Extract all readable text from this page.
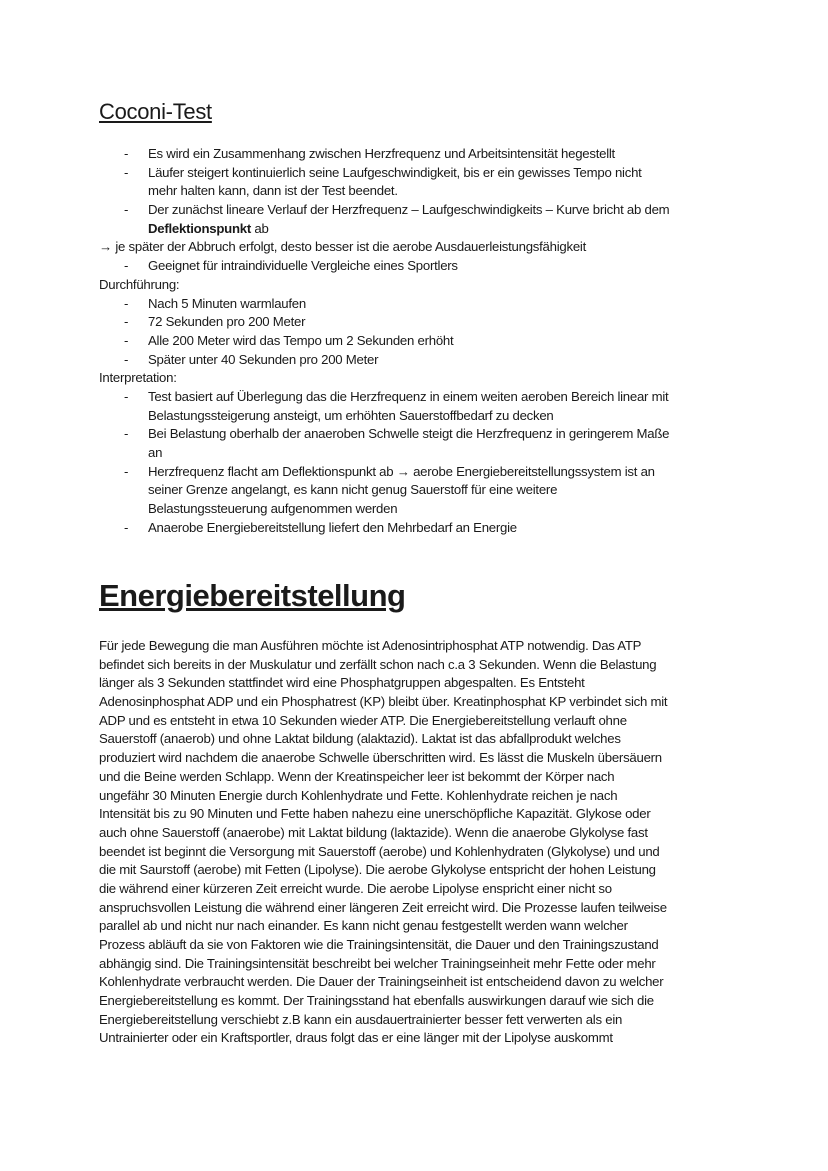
Coconi-Test
- Es wird ein Zusammenhang zwischen Herzfrequenz und Arbeitsintensität hegestellt
- Läufer steigert kontinuierlich seine Laufgeschwindigkeit, bis er ein gewisses Tempo nicht
mehr halten kann, dann ist der Test beendet.
- Der zunächst lineare Verlauf der Herzfrequenz – Laufgeschwindigkeits – Kurve bricht ab dem
Deflektionspunkt ab
→ je später der Abbruch erfolgt, desto besser ist die aerobe Ausdauerleistungsfähigkeit
- Geeignet für intraindividuelle Vergleiche eines Sportlers
Durchführung:
- Nach 5 Minuten warmlaufen
- 72 Sekunden pro 200 Meter
- Alle 200 Meter wird das Tempo um 2 Sekunden erhöht
- Später unter 40 Sekunden pro 200 Meter
Interpretation:
- Test basiert auf Überlegung das die Herzfrequenz in einem weiten aeroben Bereich linear mit
Belastungssteigerung ansteigt, um erhöhten Sauerstoffbedarf zu decken
- Bei Belastung oberhalb der anaeroben Schwelle steigt die Herzfrequenz in geringerem Maße
an
- Herzfrequenz flacht am Deflektionspunkt ab → aerobe Energiebereitstellungssystem ist an
seiner Grenze angelangt, es kann nicht genug Sauerstoff für eine weitere
Belastungssteuerung aufgenommen werden
- Anaerobe Energiebereitstellung liefert den Mehrbedarf an Energie
Energiebereitstellung
Für jede Bewegung die man Ausführen möchte ist Adenosintriphosphat ATP notwendig. Das ATP
befindet sich bereits in der Muskulatur und zerfällt schon nach c.a 3 Sekunden. Wenn die Belastung
länger als 3 Sekunden stattfindet wird eine Phosphatgruppen abgespalten. Es Entsteht
Adenosinphosphat ADP und ein Phosphatrest (KP) bleibt über. Kreatinphosphat KP verbindet sich mit
ADP und es entsteht in etwa 10 Sekunden wieder ATP. Die Energiebereitstellung verlauft ohne
Sauerstoff (anaerob) und ohne Laktat bildung (alaktazid). Laktat ist das abfallprodukt welches
produziert wird nachdem die anaerobe Schwelle überschritten wird. Es lässt die Muskeln übersäuern
und die Beine werden Schlapp. Wenn der Kreatinspeicher leer ist bekommt der Körper nach
ungefähr 30 Minuten Energie durch Kohlenhydrate und Fette. Kohlenhydrate reichen je nach
Intensität bis zu 90 Minuten und Fette haben nahezu eine unerschöpfliche Kapazität. Glykose oder
auch ohne Sauerstoff (anaerobe) mit Laktat bildung (laktazide). Wenn die anaerobe Glykolyse fast
beendet ist beginnt die Versorgung mit Sauerstoff (aerobe) und Kohlenhydraten (Glykolyse) und und
die mit Saurstoff (aerobe) mit Fetten (Lipolyse). Die aerobe Glykolyse entspricht der hohen Leistung
die während einer kürzeren Zeit erreicht wurde. Die aerobe Lipolyse enspricht einer nicht so
anspruchsvollen Leistung die während einer längeren Zeit erreicht wird. Die Prozesse laufen teilweise
parallel ab und nicht nur nach einander. Es kann nicht genau festgestellt werden wann welcher
Prozess abläuft da sie von Faktoren wie die Trainingsintensität, die Dauer und den Trainingszustand
abhängig sind. Die Trainingsintensität beschreibt bei welcher Trainingseinheit mehr Fette oder mehr
Kohlenhydrate verbraucht werden. Die Dauer der Trainingseinheit ist entscheidend davon zu welcher
Energiebereitstellung es kommt. Der Trainingsstand hat ebenfalls auswirkungen darauf wie sich die
Energiebereitstellung verschiebt z.B kann ein ausdauertrainierter besser fett verwerten als ein
Untrainierter oder ein Kraftsportler, draus folgt das er eine länger mit der Lipolyse auskommt
